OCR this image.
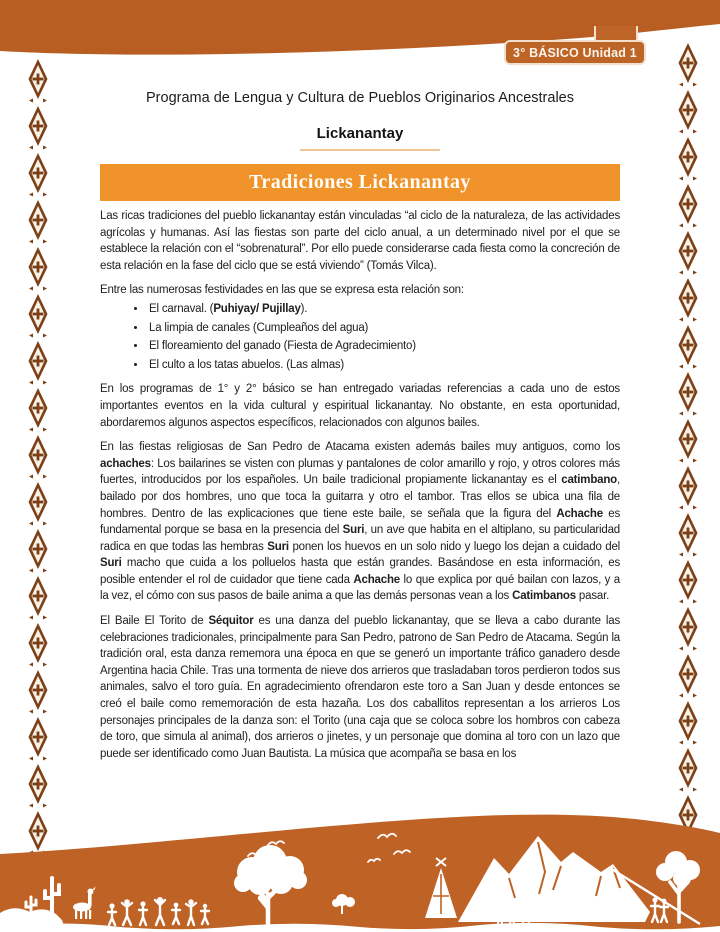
3° BÁSICO Unidad 1
Programa de Lengua y Cultura de Pueblos Originarios Ancestrales
Lickanantay
Tradiciones Lickanantay

Las ricas tradiciones del pueblo lickanantay están vinculadas “al ciclo de la naturaleza, de las actividades agrícolas y humanas. Así las fiestas son parte del ciclo anual, a un determinado nivel por el que se establece la relación con el “sobrenatural”. Por ello puede considerarse cada fiesta como la concreción de esta relación en la fase del ciclo que se está viviendo” (Tomás Vilca).

Entre las numerosas festividades en las que se expresa esta relación son:

• El carnaval. (Puhiyay/ Pujillay).
• La limpia de canales (Cumpleaños del agua)
• El floreamiento del ganado (Fiesta de Agradecimiento)
• El culto a los tatas abuelos. (Las almas)

En los programas de 1° y 2° básico se han entregado variadas referencias a cada uno de estos importantes eventos en la vida cultural y espiritual lickanantay. No obstante, en esta oportunidad, abordaremos algunos aspectos específicos, relacionados con algunos bailes.

En las fiestas religiosas de San Pedro de Atacama existen además bailes muy antiguos, como los achaches: Los bailarines se visten con plumas y pantalones de color amarillo y rojo, y otros colores más fuertes, introducidos por los españoles. Un baile tradicional propiamente lickanantay es el catimbano, bailado por dos hombres, uno que toca la guitarra y otro el tambor. Tras ellos se ubica una fila de hombres. Dentro de las explicaciones que tiene este baile, se señala que la figura del Achache es fundamental porque se basa en la presencia del Suri, un ave que habita en el altiplano, su particularidad radica en que todas las hembras Suri ponen los huevos en un solo nido y luego los dejan a cuidado del Suri macho que cuida a los polluelos hasta que están grandes. Basándose en esta información, es posible entender el rol de cuidador que tiene cada Achache lo que explica por qué bailan con lazos, y a la vez, el cómo con sus pasos de baile anima a que las demás personas vean a los Catimbanos pasar.

El Baile El Torito de Séquitor es una danza del pueblo lickanantay, que se lleva a cabo durante las celebraciones tradicionales, principalmente para San Pedro, patrono de San Pedro de Atacama. Según la tradición oral, esta danza rememora una época en que se generó un importante tráfico ganadero desde Argentina hacia Chile. Tras una tormenta de nieve dos arrieros que trasladaban toros perdieron todos sus animales, salvo el toro guía. En agradecimiento ofrendaron este toro a San Juan y desde entonces se creó el baile como rememoración de esta hazaña. Los dos caballitos representan a los arrieros Los personajes principales de la danza son: el Torito (una caja que se coloca sobre los hombros con cabeza de toro, que simula al animal), dos arrieros o jinetes, y un personaje que domina al toro con un lazo que puede ser identificado como Juan Bautista. La música que acompaña se basa en los
